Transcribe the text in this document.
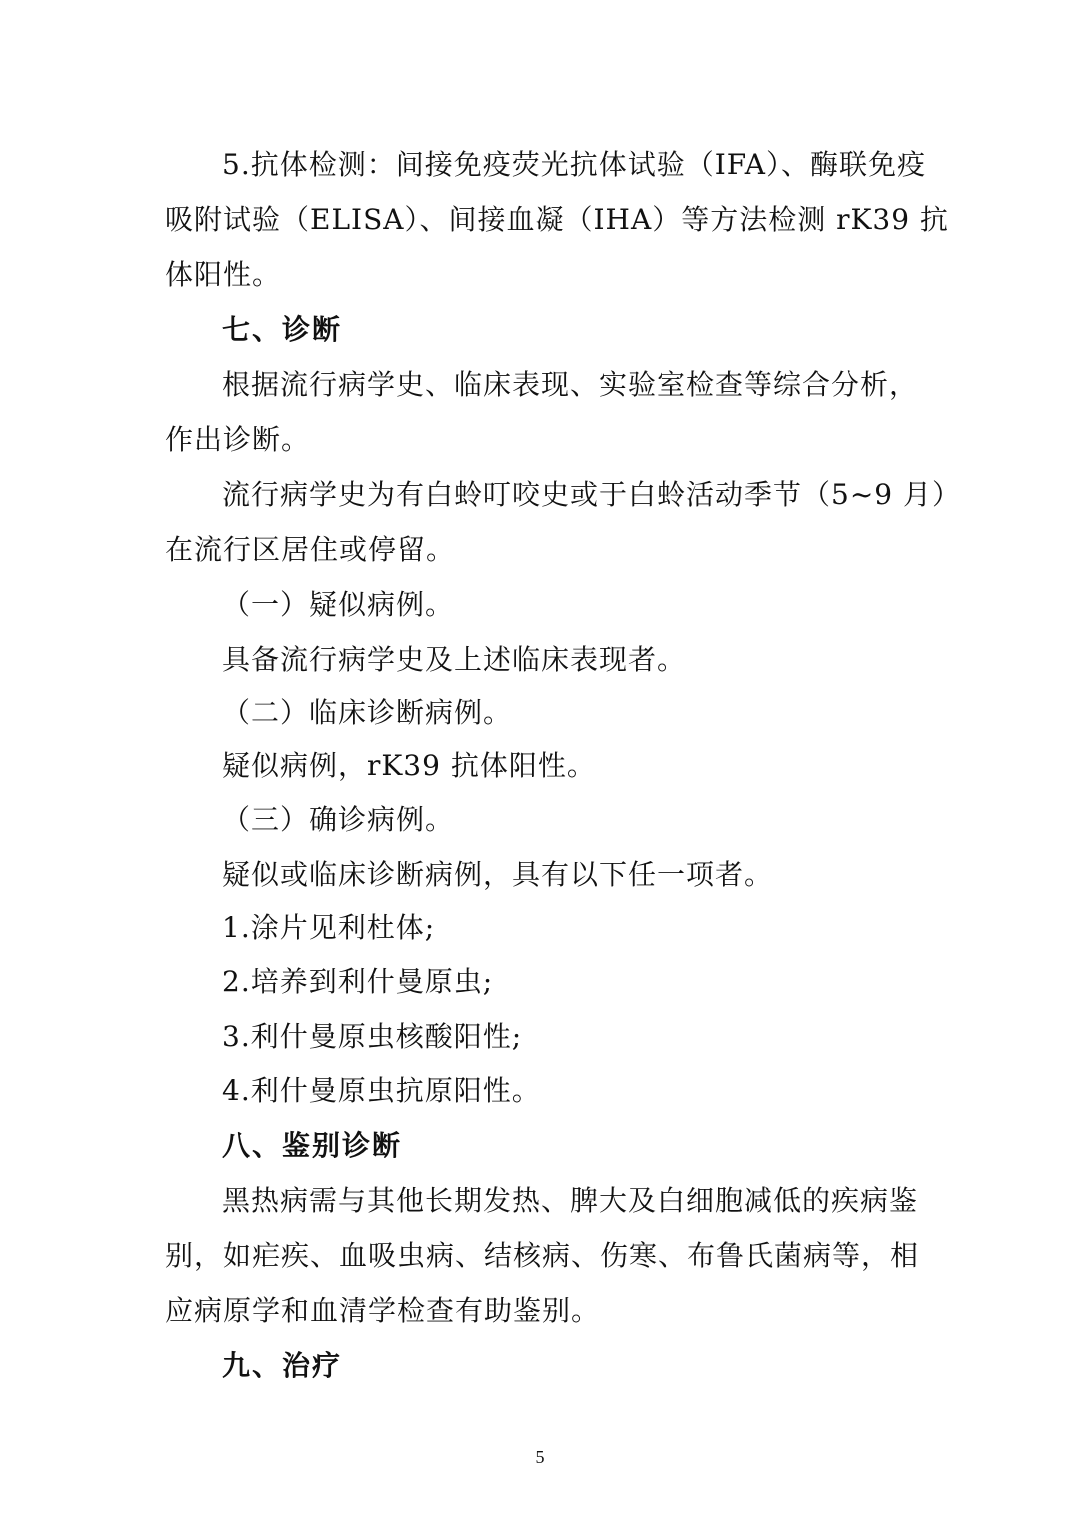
5.抗体检测：间接免疫荧光抗体试验（IFA）、酶联免疫
吸附试验（ELISA）、间接血凝（IHA）等方法检测 rK39 抗
体阳性。
七、诊断
根据流行病学史、临床表现、实验室检查等综合分析，
作出诊断。
流行病学史为有白蛉叮咬史或于白蛉活动季节（5~9 月）
在流行区居住或停留。
（一）疑似病例。
具备流行病学史及上述临床表现者。
（二）临床诊断病例。
疑似病例，rK39 抗体阳性。
（三）确诊病例。
疑似或临床诊断病例，具有以下任一项者。
1.涂片见利杜体;
2.培养到利什曼原虫;
3.利什曼原虫核酸阳性;
4.利什曼原虫抗原阳性。
八、鉴别诊断
黑热病需与其他长期发热、脾大及白细胞减低的疾病鉴
别，如疟疾、血吸虫病、结核病、伤寒、布鲁氏菌病等，相
应病原学和血清学检查有助鉴别。
九、治疗
5
